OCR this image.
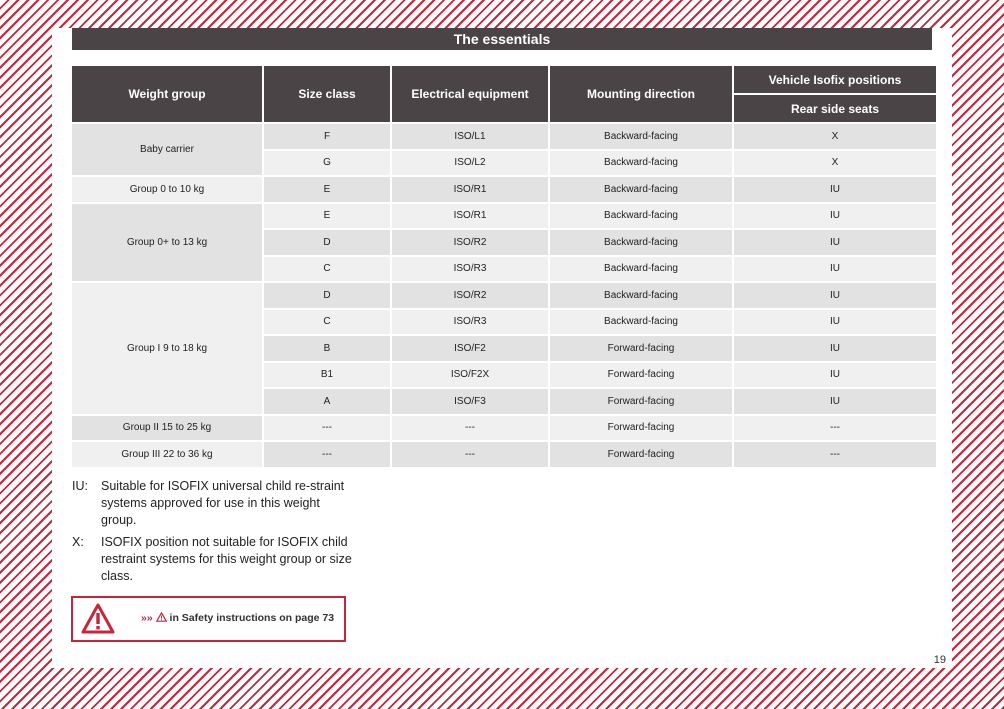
The essentials
Weight group	Size class	Electrical equipment	Mounting direction	Vehicle Isofix positions
				Rear side seats
Baby carrier	F	ISO/L1	Backward-facing	X
	G	ISO/L2	Backward-facing	X
Group 0 to 10 kg	E	ISO/R1	Backward-facing	IU
Group 0+ to 13 kg	E	ISO/R1	Backward-facing	IU
	D	ISO/R2	Backward-facing	IU
	C	ISO/R3	Backward-facing	IU
Group I 9 to 18 kg	D	ISO/R2	Backward-facing	IU
	C	ISO/R3	Backward-facing	IU
	B	ISO/F2	Forward-facing	IU
	B1	ISO/F2X	Forward-facing	IU
	A	ISO/F3	Forward-facing	IU
Group II 15 to 25 kg	---	---	Forward-facing	---
Group III 22 to 36 kg	---	---	Forward-facing	---
IU:	Suitable for ISOFIX universal child re-straint systems approved for use in this weight group.
X:	ISOFIX position not suitable for ISOFIX child restraint systems for this weight group or size class.
»»  in Safety instructions on page 73
19
